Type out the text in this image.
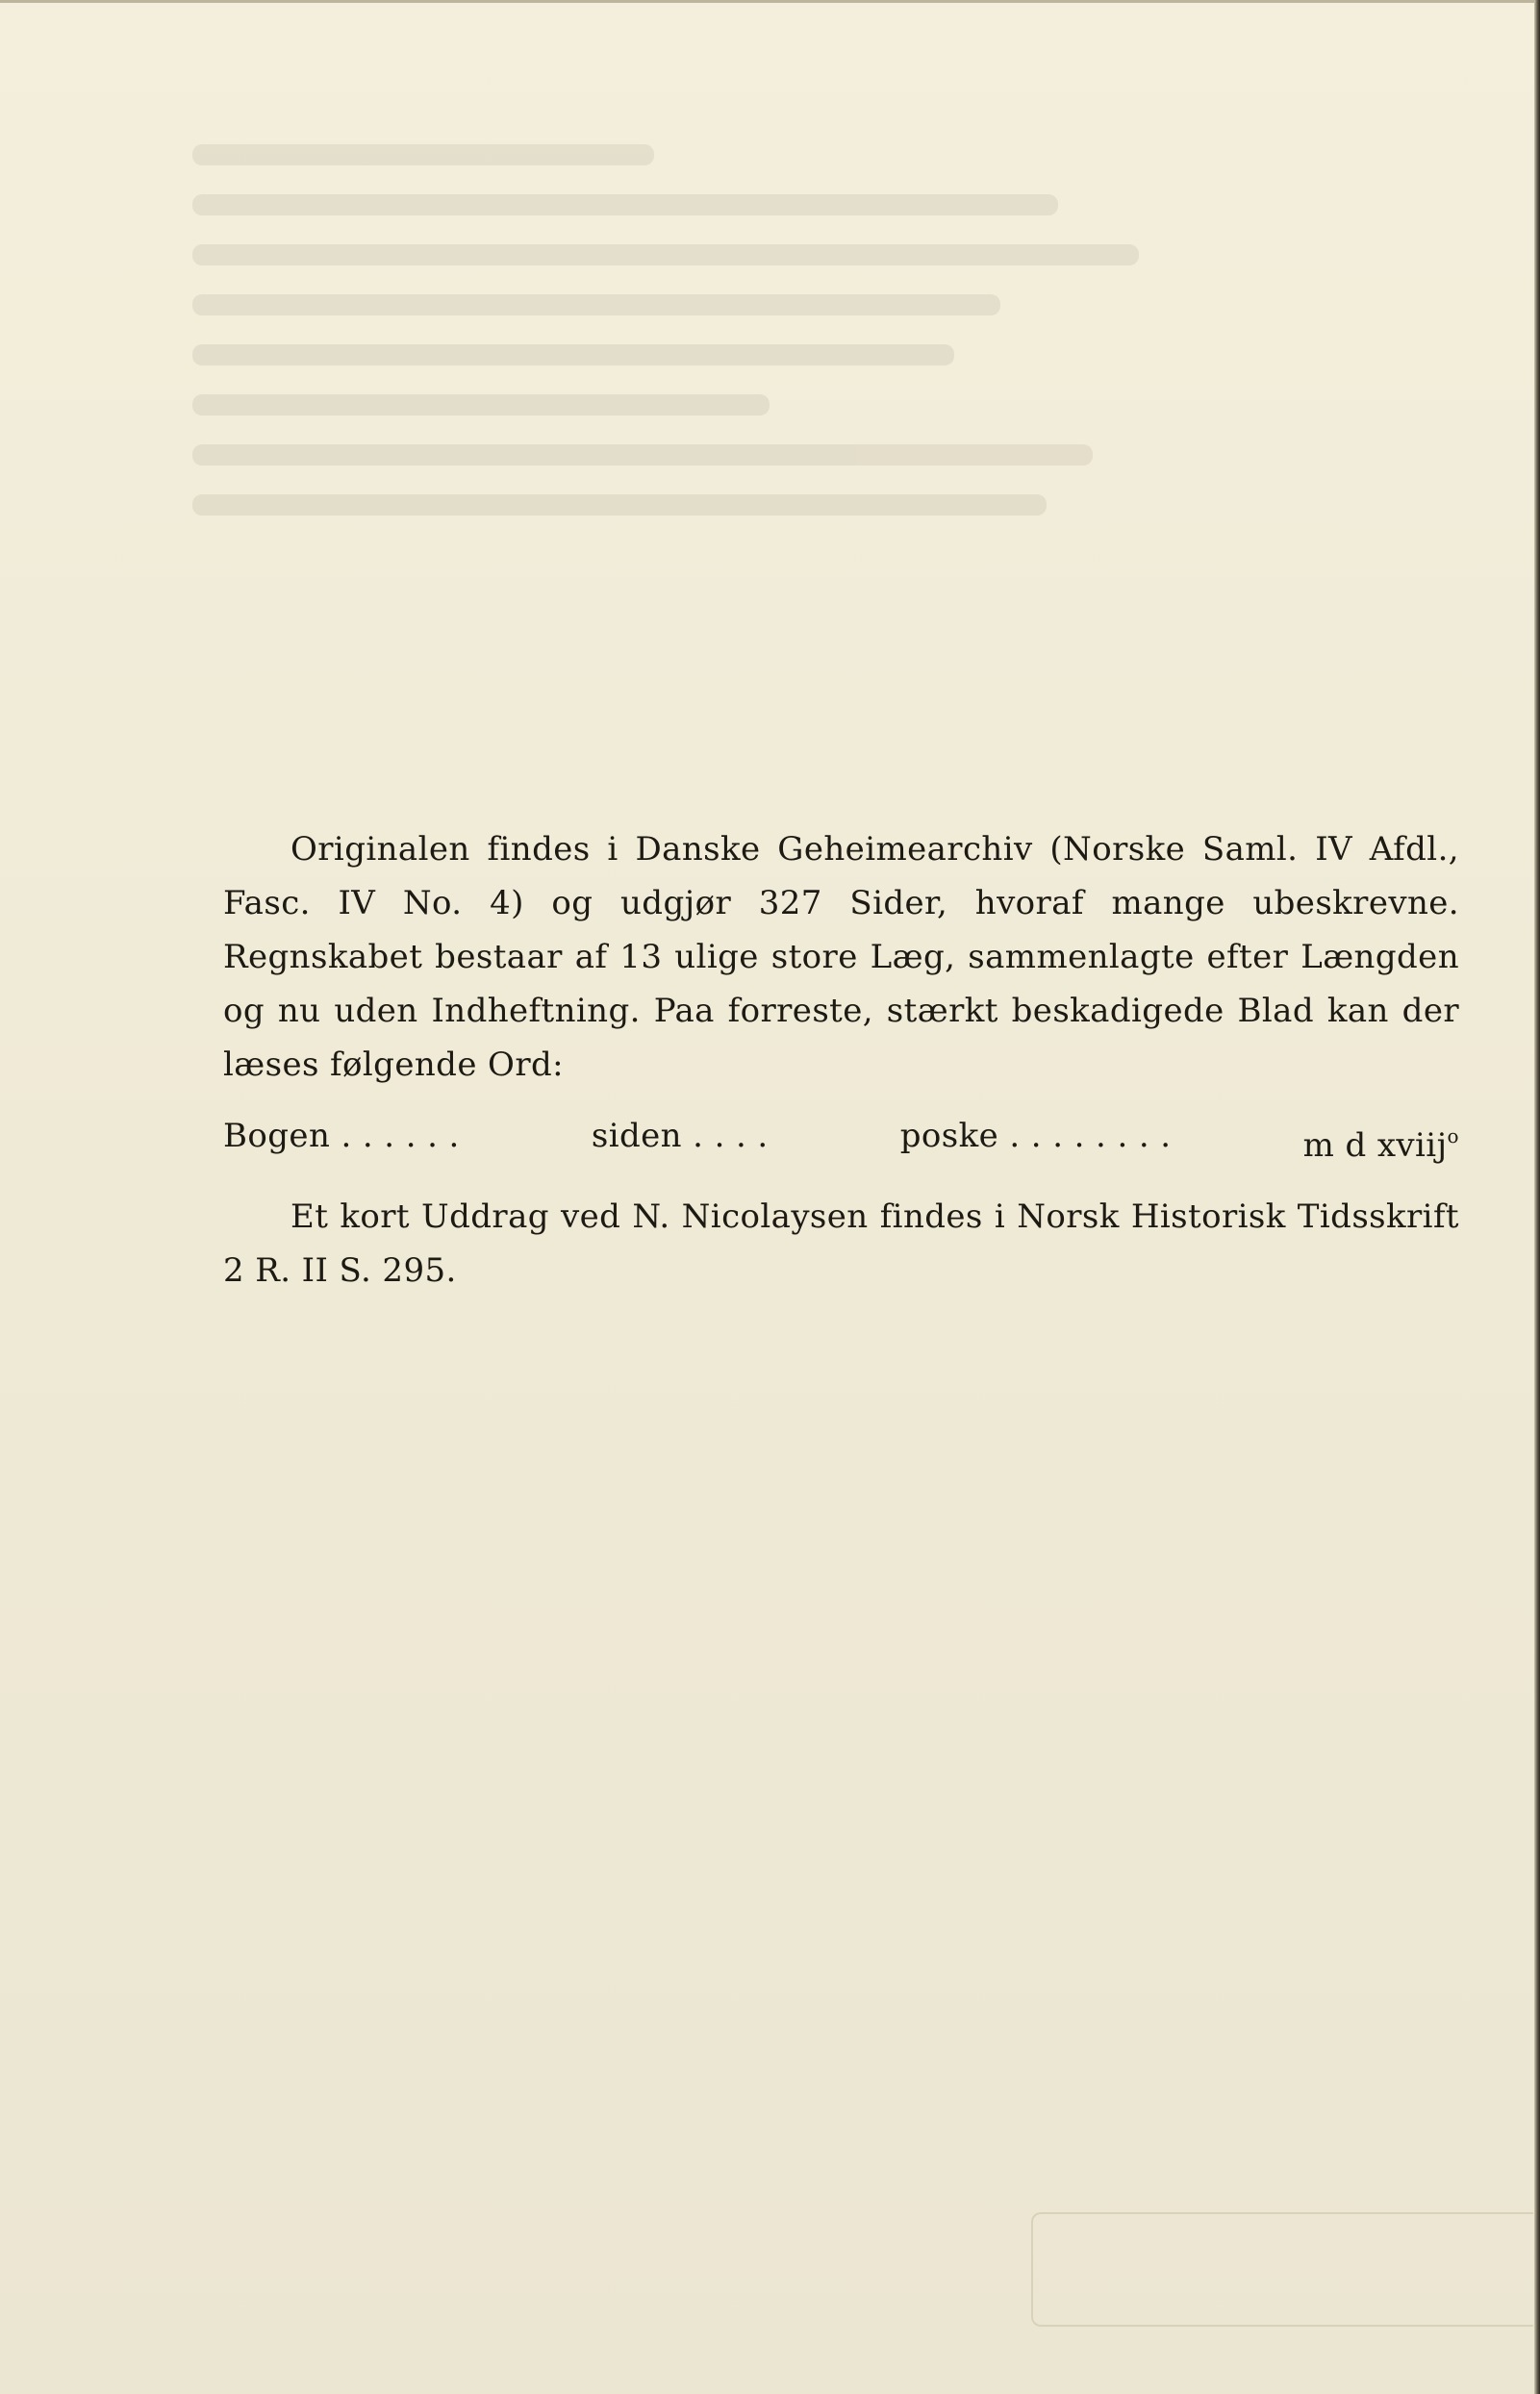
Originalen findes i Danske Geheimearchiv (Norske Saml. IV Afdl., Fasc. IV No. 4) og udgjør 327 Sider, hvoraf mange ubeskrevne. Regnskabet bestaar af 13 ulige store Læg, sammenlagte efter Længden og nu uden Indheftning. Paa forreste, stærkt beskadigede Blad kan der læses følgende Ord:

Bogen . . . . . .	siden . . . .	poske . . . . . . . .	m d xviij$^o$

Et kort Uddrag ved N. Nicolaysen findes i Norsk Historisk Tidsskrift 2 R. II S. 295.
